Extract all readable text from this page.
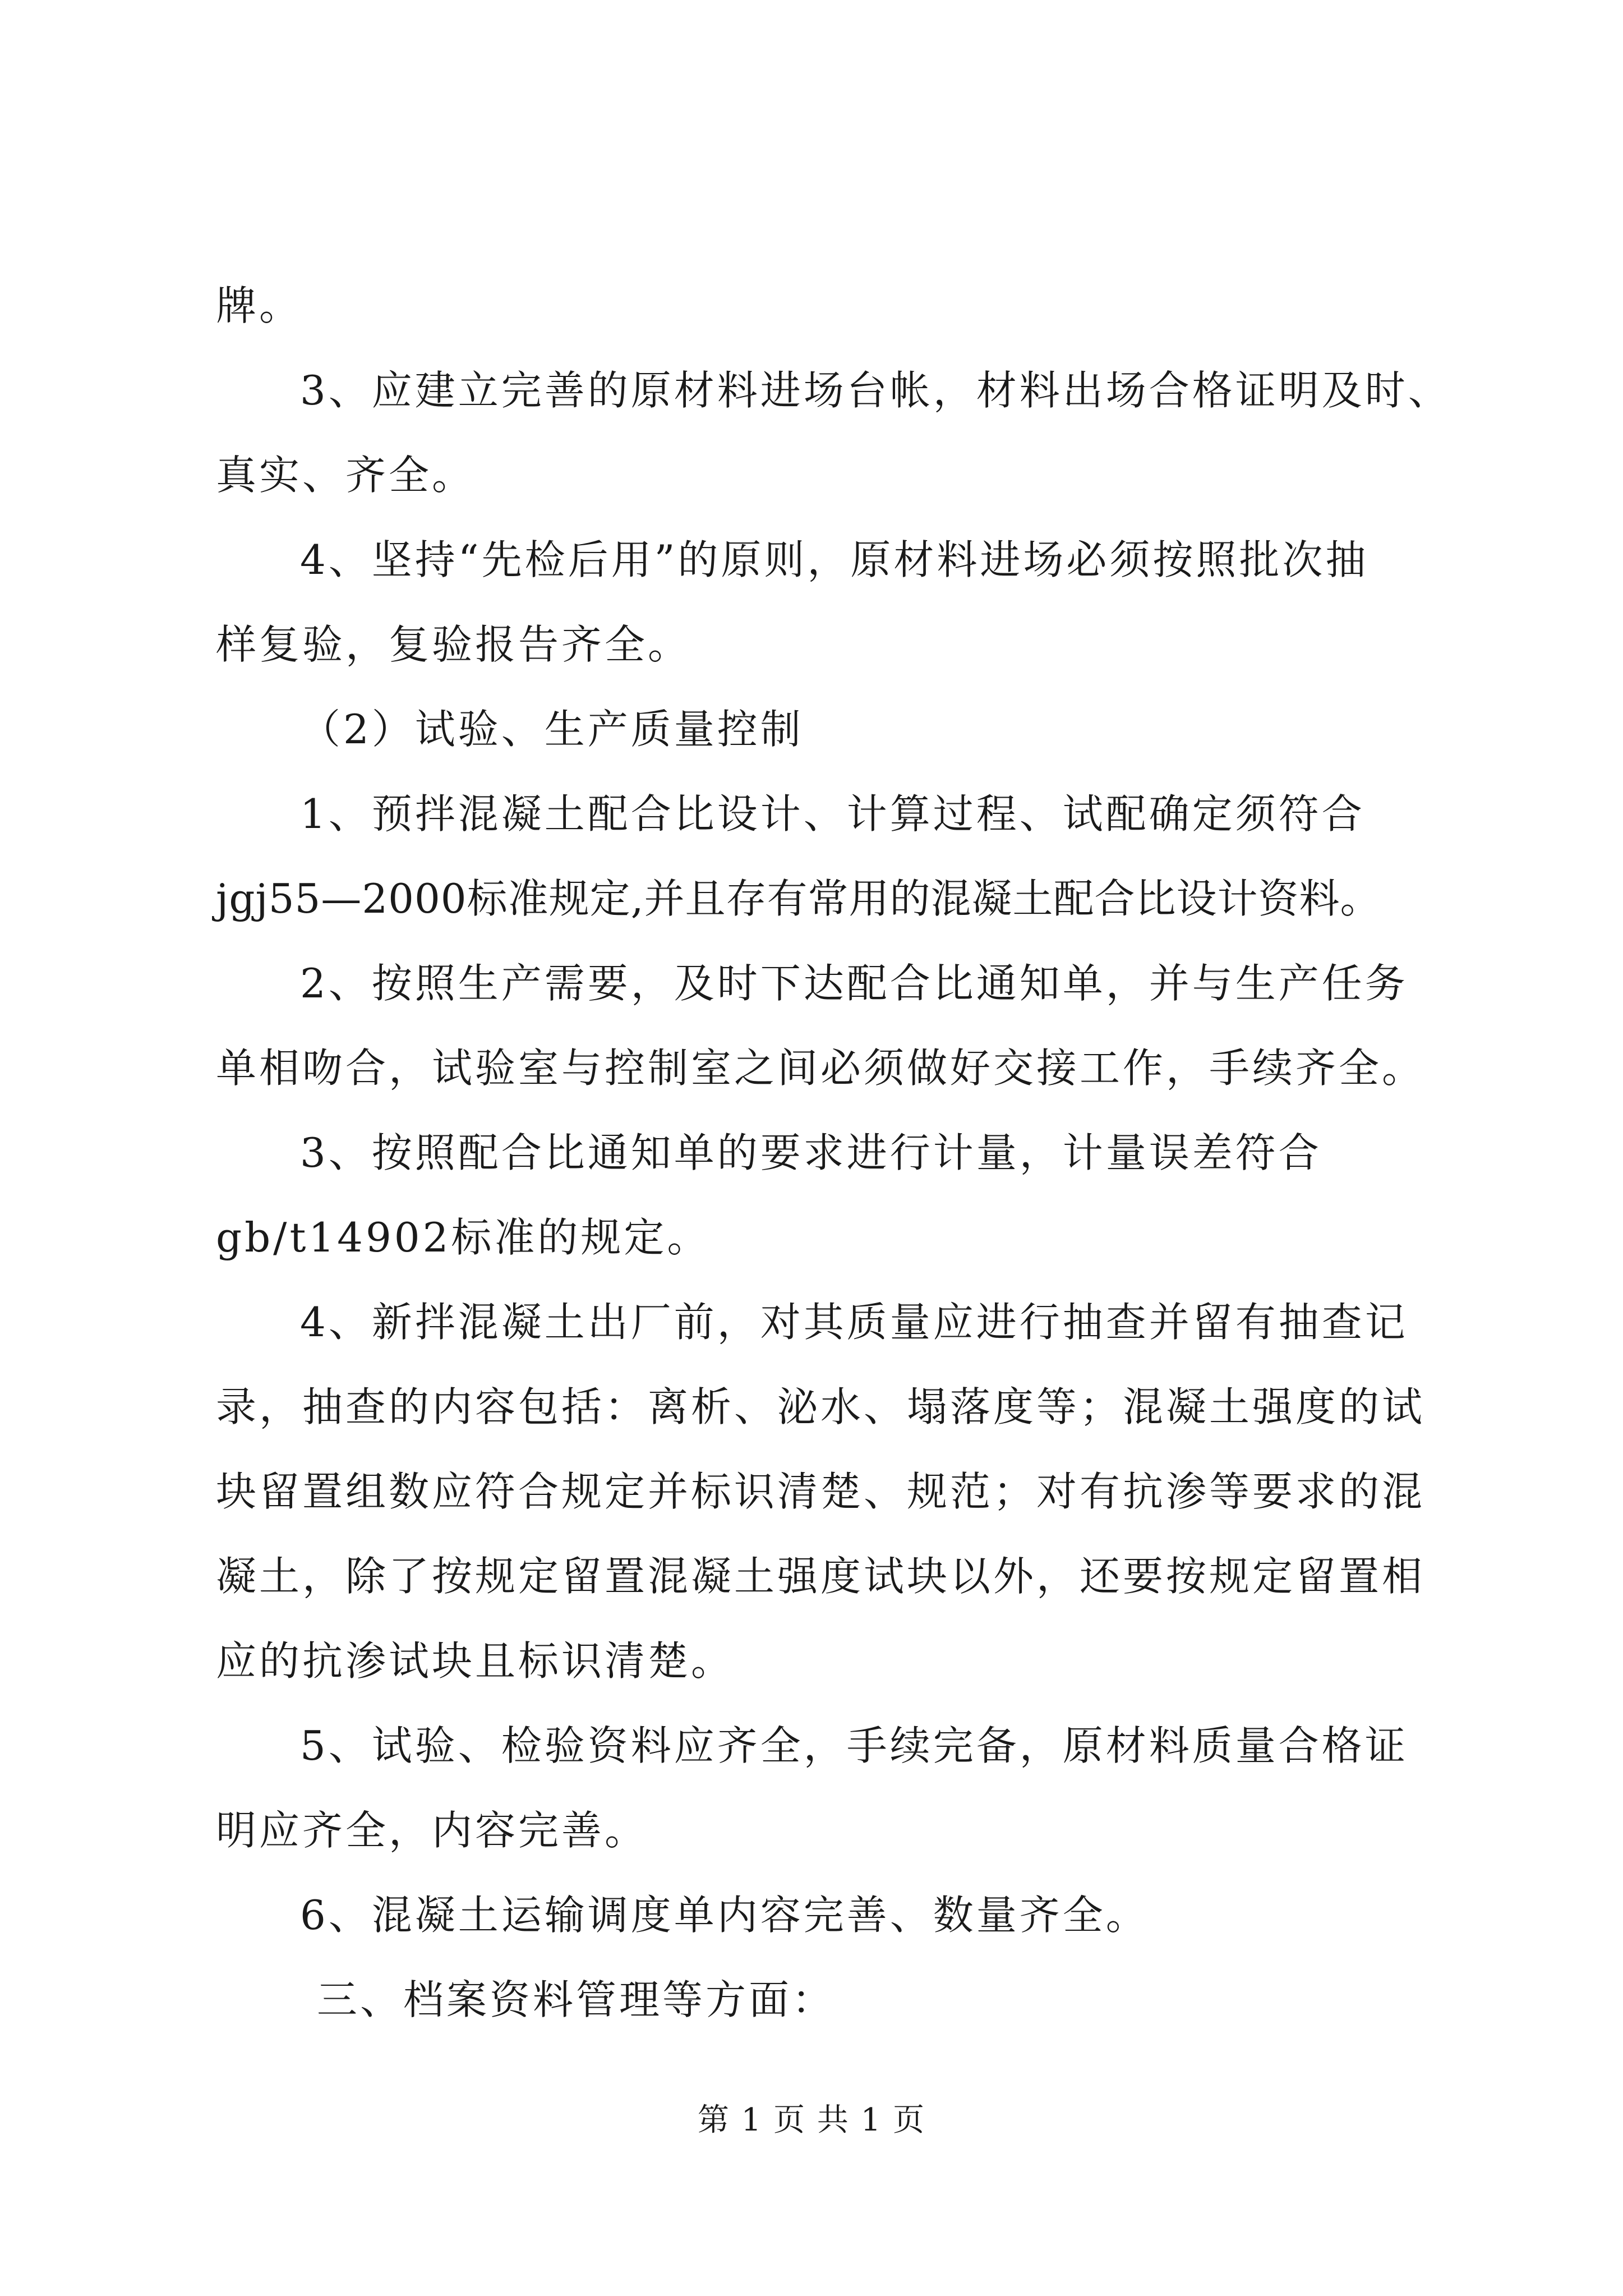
牌。
3、应建立完善的原材料进场台帐，材料出场合格证明及时、
真实、齐全。
4、坚持“先检后用”的原则，原材料进场必须按照批次抽
样复验，复验报告齐全。
（2）试验、生产质量控制
1、预拌混凝土配合比设计、计算过程、试配确定须符合
jgj55—2000标准规定,并且存有常用的混凝土配合比设计资料。
2、按照生产需要，及时下达配合比通知单，并与生产任务
单相吻合，试验室与控制室之间必须做好交接工作，手续齐全。
3、按照配合比通知单的要求进行计量，计量误差符合
gb/t14902标准的规定。
4、新拌混凝土出厂前，对其质量应进行抽查并留有抽查记
录，抽查的内容包括：离析、泌水、塌落度等；混凝土强度的试
块留置组数应符合规定并标识清楚、规范；对有抗渗等要求的混
凝土，除了按规定留置混凝土强度试块以外，还要按规定留置相
应的抗渗试块且标识清楚。
5、试验、检验资料应齐全，手续完备，原材料质量合格证
明应齐全，内容完善。
6、混凝土运输调度单内容完善、数量齐全。
三、档案资料管理等方面：
第 1 页 共 1 页
